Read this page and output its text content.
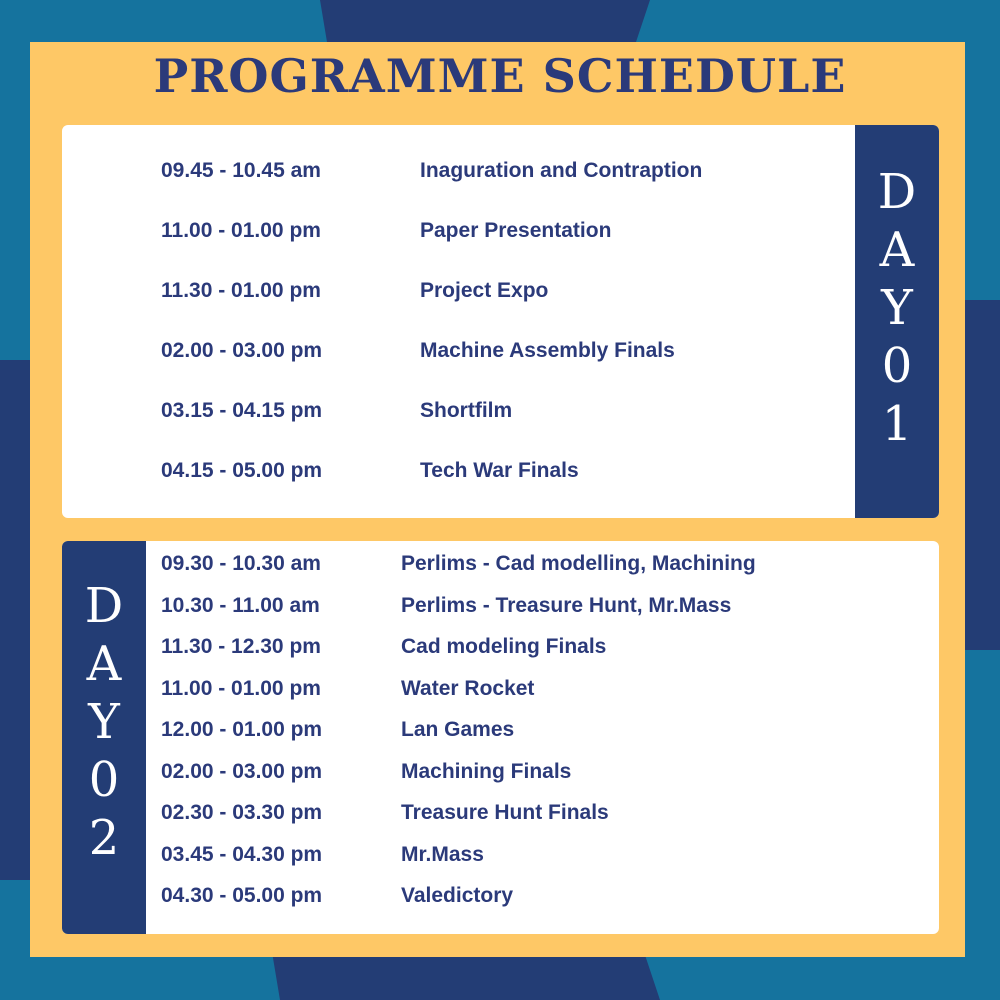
PROGRAMME SCHEDULE
D
A
Y
0
1
09.45 - 10.45 am	Inaguration and Contraption
11.00 - 01.00 pm	Paper Presentation
11.30 - 01.00 pm	Project Expo
02.00 - 03.00 pm	Machine Assembly Finals
03.15 - 04.15 pm	Shortfilm
04.15 - 05.00 pm	Tech War Finals
D
A
Y
0
2
09.30 - 10.30 am	Perlims - Cad modelling, Machining
10.30 - 11.00 am	Perlims - Treasure Hunt, Mr.Mass
11.30 - 12.30 pm	Cad modeling Finals
11.00 - 01.00 pm	Water Rocket
12.00 - 01.00 pm	Lan Games
02.00 - 03.00 pm	Machining Finals
02.30 - 03.30 pm	Treasure Hunt Finals
03.45 - 04.30 pm	Mr.Mass
04.30 - 05.00 pm	Valedictory
